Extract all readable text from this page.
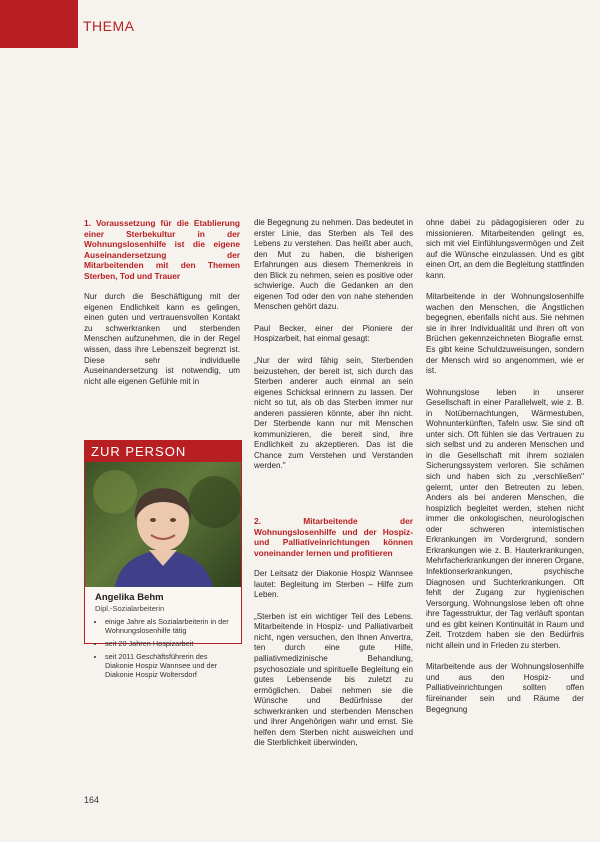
THEMA

1. Voraussetzung für die Etablierung einer Sterbekultur in der Wohnungslosenhilfe ist die eigene Auseinandersetzung der Mitarbeitenden mit den Themen Sterben, Tod und Trauer

Nur durch die Beschäftigung mit der eigenen Endlichkeit kann es gelingen, einen guten und vertrauensvollen Kontakt zu schwerkranken und sterbenden Menschen aufzunehmen, die in der Regel wissen, dass ihre Lebenszeit begrenzt ist. Diese sehr individuelle Auseinandersetzung ist notwendig, um nicht alle eigenen Gefühle mit in

die Begegnung zu nehmen. Das bedeutet in erster Linie, das Sterben als Teil des Lebens zu verstehen. Das heißt aber auch, den Mut zu haben, die bisherigen Erfahrungen aus diesem Themenkreis in den Blick zu nehmen, seien es positive oder schwierige. Auch die Gedanken an den eigenen Tod oder den von nahe stehenden Menschen gehört dazu.

Paul Becker, einer der Pioniere der Hospizarbeit, hat einmal gesagt:

„Nur der wird fähig sein, Sterbenden beizustehen, der bereit ist, sich durch das Sterben anderer auch einmal an sein eigenes Schicksal erinnern zu lassen. Der nicht so tut, als ob das Sterben immer nur anderen passieren könnte, aber ihn nicht. Der Sterbende kann nur mit Menschen kommunizieren, die bereit sind, ihre Endlichkeit zu akzeptieren. Das ist die Chance zum Verstehen und Verstanden werden."

2. Mitarbeitende der Wohnungslosenhilfe und der Hospiz- und Palliativeinrichtungen können voneinander lernen und profitieren

Der Leitsatz der Diakonie Hospiz Wannsee lautet: Begleitung im Sterben – Hilfe zum Leben.

„Sterben ist ein wichtiger Teil des Lebens. Mitarbeitende in Hospiz- und Palliativarbeit nicht, ngen versuchen, den Ihnen Anvertra, ten durch eine gute Hilfe, palliativmedizinische Behandlung, psychosoziale und spirituelle Begleitung ein gutes Lebensende bis zuletzt zu ermöglichen. Dabei nehmen sie die Wünsche und Bedürfnisse der schwerkranken und sterbenden Menschen und ihrer Angehörigen wahr und ernst. Sie helfen dem Sterben nicht ausweichen und die Sterblichkeit überwinden,

ohne dabei zu pädagogisieren oder zu missionieren. Mitarbeitenden gelingt es, sich mit viel Einfühlungsvermögen und Zeit auf die Wünsche einzulassen. Und es gibt einen Ort, an dem die Begleitung stattfinden kann.

Mitarbeitende in der Wohnungslosenhilfe wachen den Menschen, die Ängstlichen begegnen, ebenfalls nicht aus. Sie nehmen sie in ihrer Individualität und ihren oft von Brüchen gekennzeichneten Biografie ernst. Es gibt keine Schuldzuweisungen, sondern der Mensch wird so angenommen, wie er ist.

Wohnungslose leben in unserer Gesellschaft in einer Parallelwelt, wie z. B. in Notübernachtungen, Wärmestuben, Wohnunterkünften, Tafeln usw. Sie sind oft unter sich. Oft fühlen sie das Vertrauen zu sich selbst und zu anderen Menschen und in die Gesellschaft mit ihrem sozialen Sicherungssystem verloren. Sie schämen sich und haben sich zu „verschließen" gelernt, unter den Betreuten zu leben. Anders als bei anderen Menschen, die hospizlich begleitet werden, stehen nicht immer die onkologischen, neurologischen oder schweren internistischen Erkrankungen im Vordergrund, sondern Erkrankungen wie z. B. Hauterkrankungen, Mehrfacherkrankungen der inneren Organe, Infektionserkrankungen, psychische Diagnosen und Suchterkrankungen. Oft fehlt der Zugang zur hygienischen Versorgung. Wohnungslose leben oft ohne ihre Tagesstruktur, der Tag verläuft spontan und es gibt keinen Kontinuität in Raum und Zeit. Trotzdem haben sie den Bedürfnis nicht allein und in Frieden zu sterben.

Mitarbeitende aus der Wohnungslosenhilfe und aus den Hospiz- und Palliativeinrichtungen sollten offen füreinander sein und Räume der Begegnung

ZUR PERSON
Angelika Behm
Dipl.-Sozialarbeiterin
• einige Jahre als Sozialarbeiterin in der Wohnungslosenhilfe tätig
• seit 20 Jahren Hospizarbeit
• seit 2011 Geschäftsführerin des Diakonie Hospiz Wannsee und der Diakonie Hospiz Woltersdorf
164
